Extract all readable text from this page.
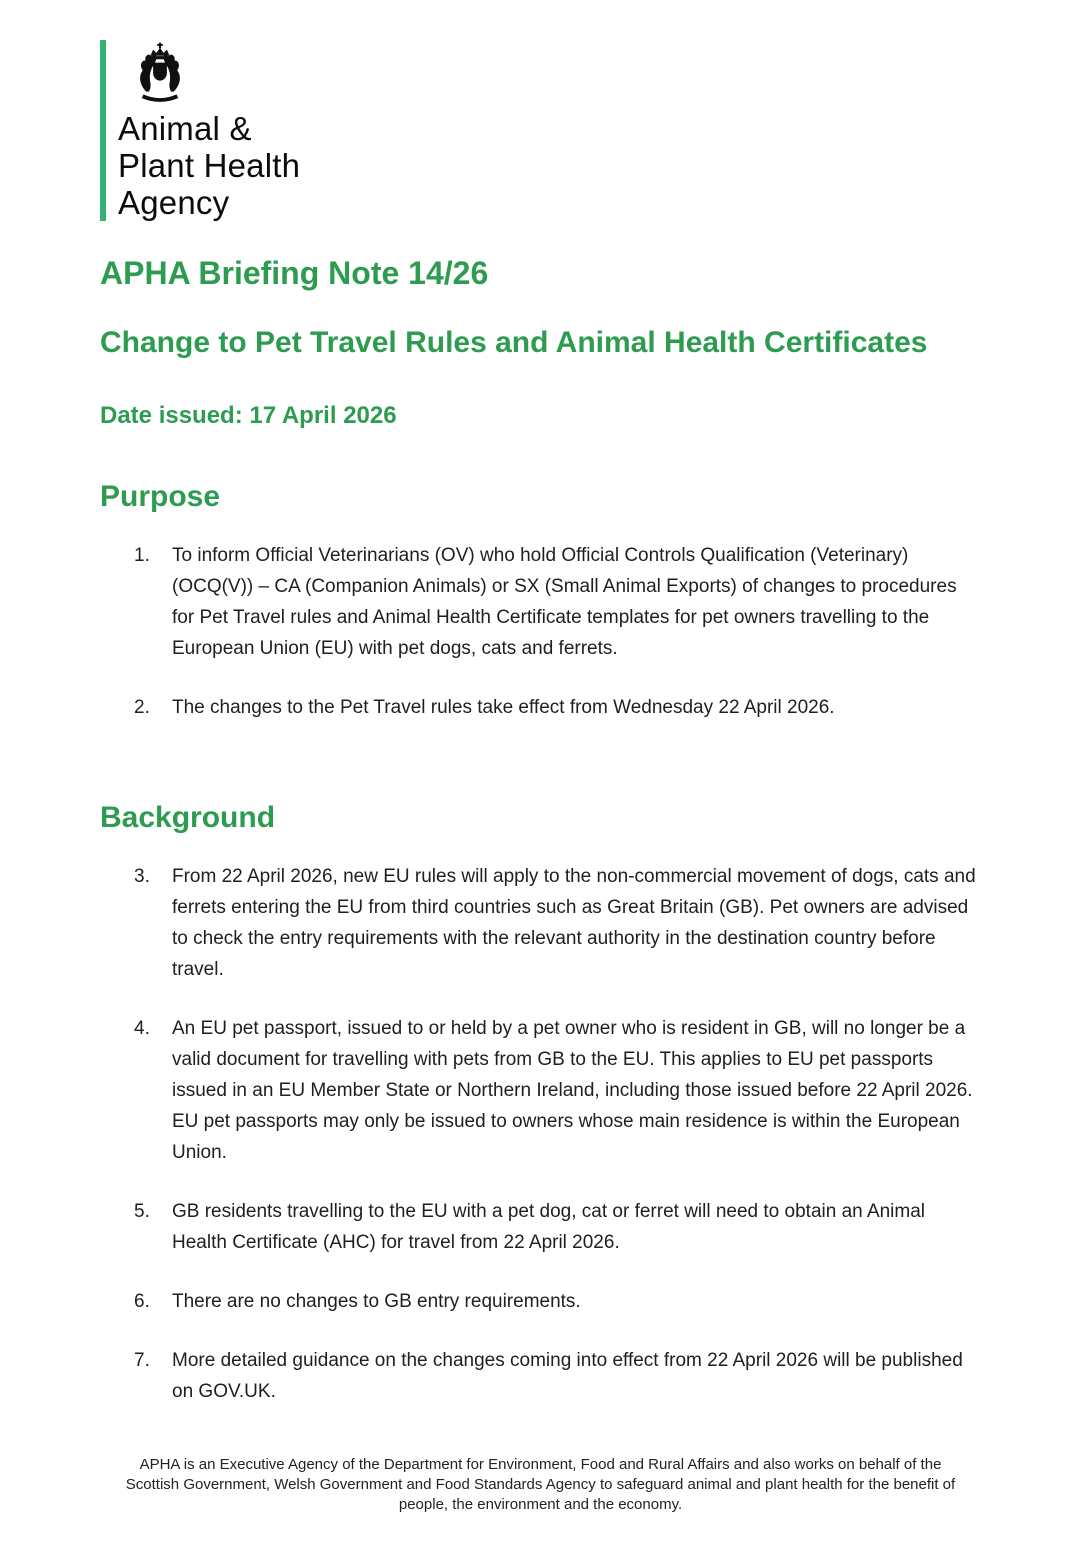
Animal &
Plant Health
Agency
APHA Briefing Note 14/26
Change to Pet Travel Rules and Animal Health Certificates
Date issued: 17 April 2026
Purpose
1.	To inform Official Veterinarians (OV) who hold Official Controls Qualification (Veterinary) (OCQ(V)) – CA (Companion Animals) or SX (Small Animal Exports) of changes to procedures for Pet Travel rules and Animal Health Certificate templates for pet owners travelling to the European Union (EU) with pet dogs, cats and ferrets.
2.	The changes to the Pet Travel rules take effect from Wednesday 22 April 2026.
Background
3.	From 22 April 2026, new EU rules will apply to the non-commercial movement of dogs, cats and ferrets entering the EU from third countries such as Great Britain (GB). Pet owners are advised to check the entry requirements with the relevant authority in the destination country before travel.
4.	An EU pet passport, issued to or held by a pet owner who is resident in GB, will no longer be a valid document for travelling with pets from GB to the EU. This applies to EU pet passports issued in an EU Member State or Northern Ireland, including those issued before 22 April 2026. EU pet passports may only be issued to owners whose main residence is within the European Union.
5.	GB residents travelling to the EU with a pet dog, cat or ferret will need to obtain an Animal Health Certificate (AHC) for travel from 22 April 2026.
6.	There are no changes to GB entry requirements.
7.	More detailed guidance on the changes coming into effect from 22 April 2026 will be published on GOV.UK.
APHA is an Executive Agency of the Department for Environment, Food and Rural Affairs and also works on behalf of the Scottish Government, Welsh Government and Food Standards Agency to safeguard animal and plant health for the benefit of people, the environment and the economy.
